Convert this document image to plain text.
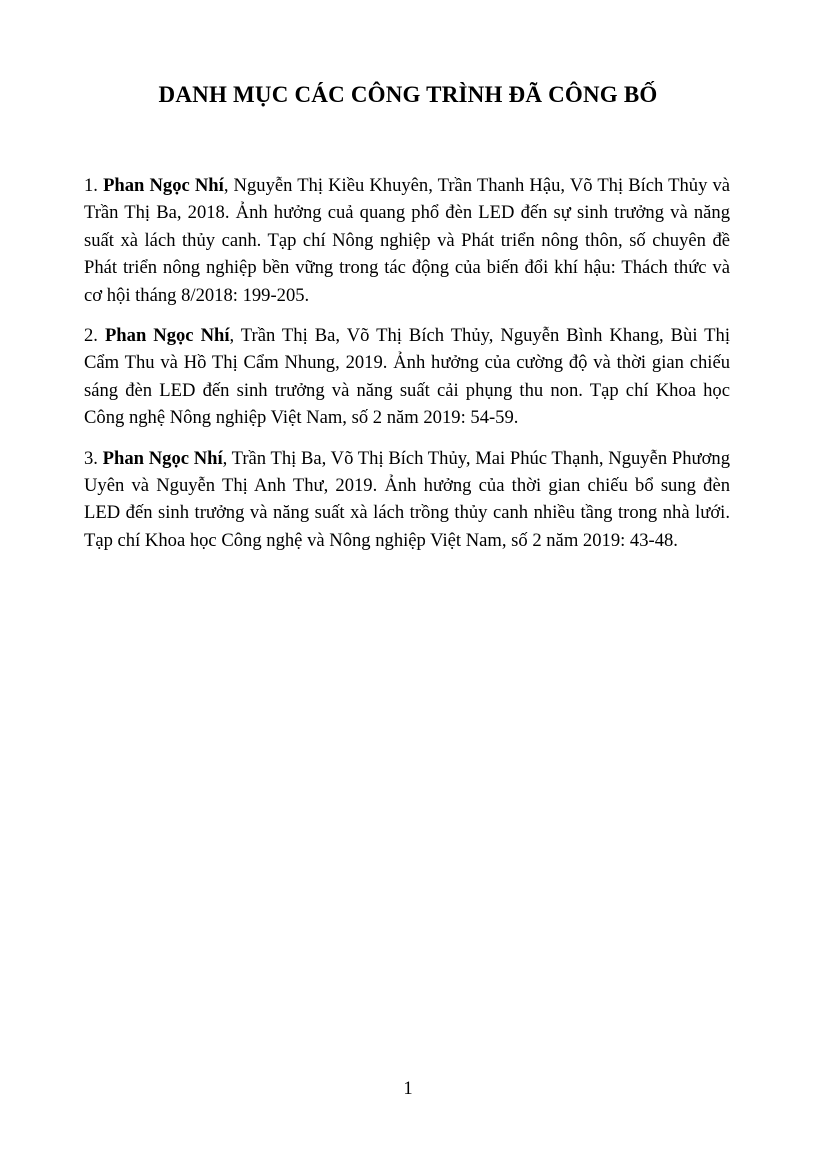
DANH MỤC CÁC CÔNG TRÌNH ĐÃ CÔNG BỐ

1. Phan Ngọc Nhí, Nguyễn Thị Kiều Khuyên, Trần Thanh Hậu, Võ Thị Bích Thủy và Trần Thị Ba, 2018. Ảnh hưởng cuả quang phổ đèn LED đến sự sinh trưởng và năng suất xà lách thủy canh. Tạp chí Nông nghiệp và Phát triển nông thôn, số chuyên đề Phát triển nông nghiệp bền vững trong tác động của biến đổi khí hậu: Thách thức và cơ hội tháng 8/2018: 199-205.

2. Phan Ngọc Nhí, Trần Thị Ba, Võ Thị Bích Thủy, Nguyễn Bình Khang, Bùi Thị Cẩm Thu và Hồ Thị Cẩm Nhung, 2019. Ảnh hưởng của cường độ và thời gian chiếu sáng đèn LED đến sinh trưởng và năng suất cải phụng thu non. Tạp chí Khoa học Công nghệ Nông nghiệp Việt Nam, số 2 năm 2019: 54-59.

3. Phan Ngọc Nhí, Trần Thị Ba, Võ Thị Bích Thủy, Mai Phúc Thạnh, Nguyễn Phương Uyên và Nguyễn Thị Anh Thư, 2019. Ảnh hưởng của thời gian chiếu bổ sung đèn LED đến sinh trưởng và năng suất xà lách trồng thủy canh nhiều tầng trong nhà lưới. Tạp chí Khoa học Công nghệ và Nông nghiệp Việt Nam, số 2 năm 2019: 43-48.

1
